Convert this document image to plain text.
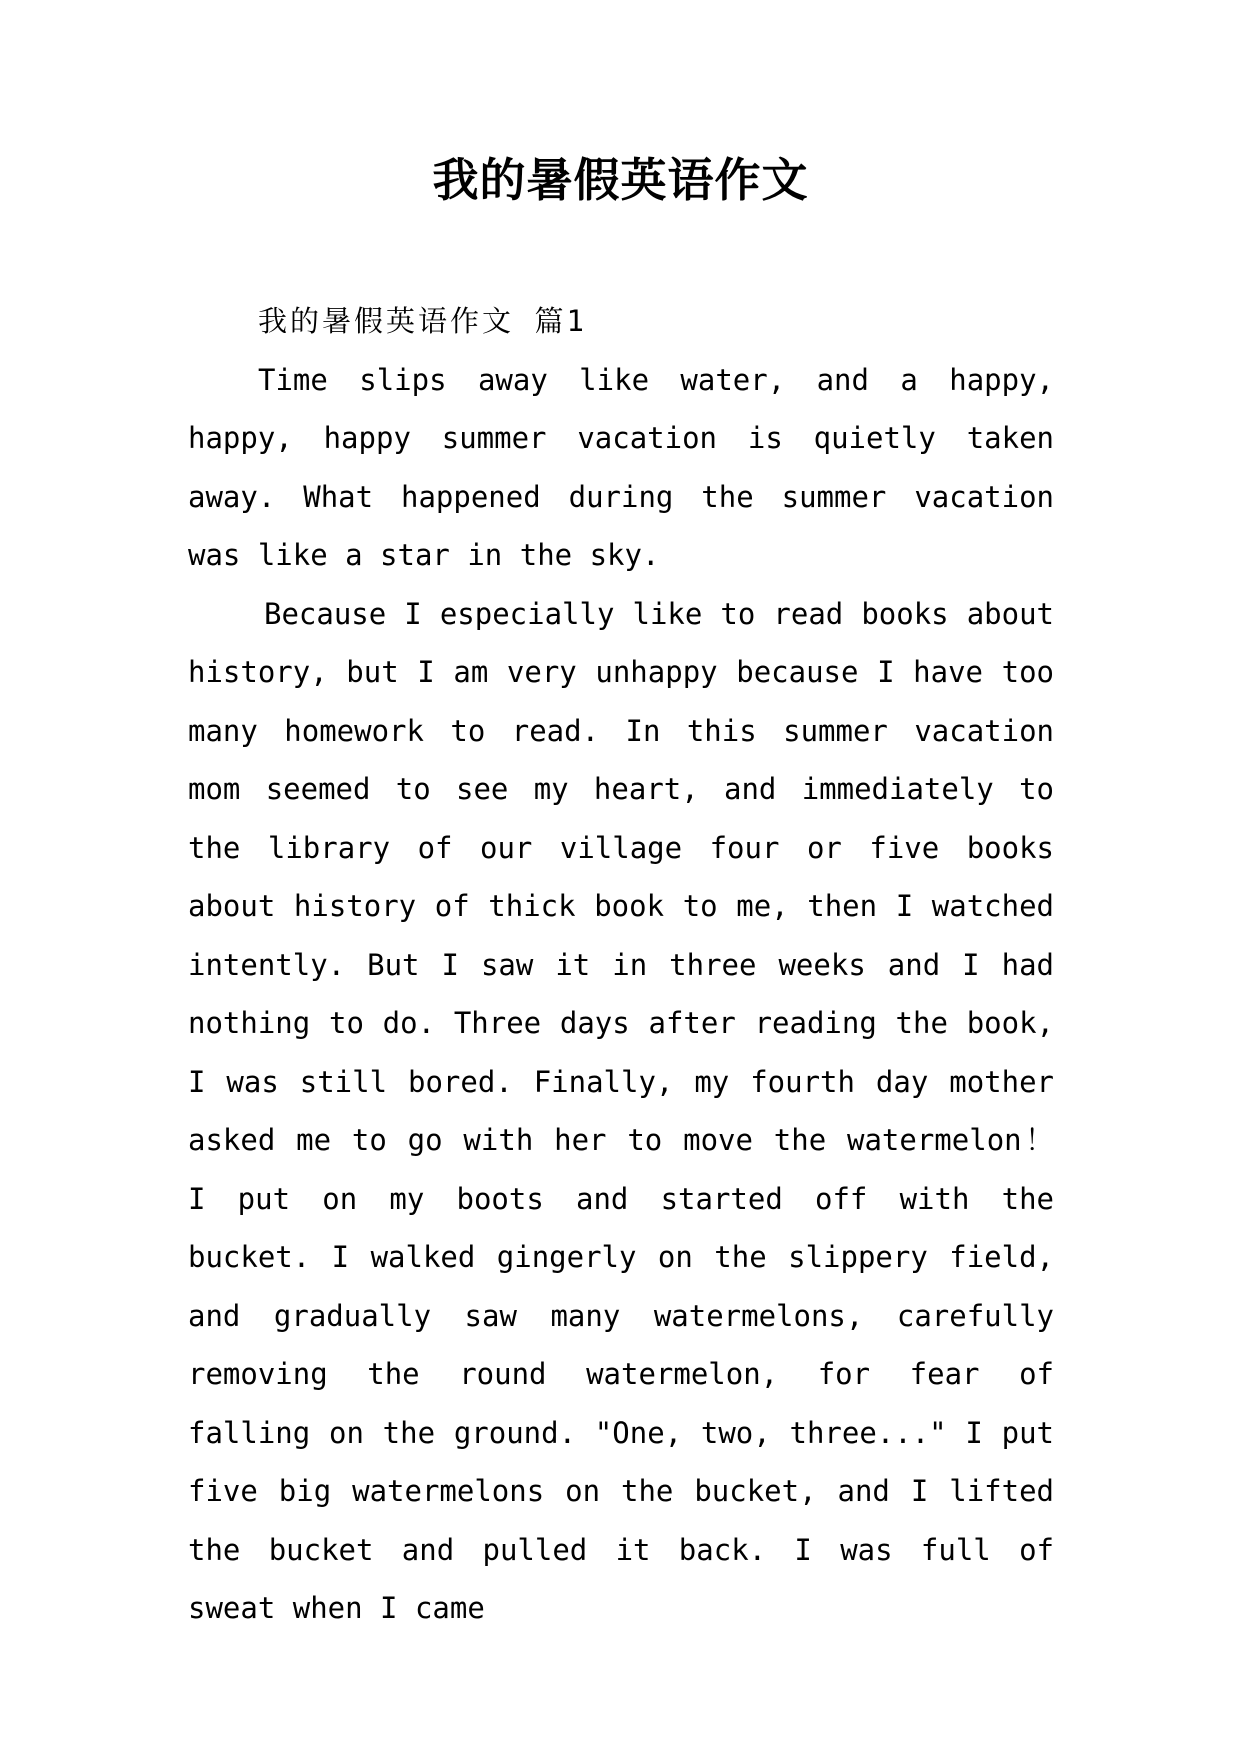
我的暑假英语作文
我的暑假英语作文 篇1

Time slips away like water, and a happy, happy, happy summer vacation is quietly taken away. What happened during the summer vacation was like a star in the sky.

Because I especially like to read books about history, but I am very unhappy because I have too many homework to read. In this summer vacation mom seemed to see my heart, and immediately to the library of our village four or five books about history of thick book to me, then I watched intently. But I saw it in three weeks and I had nothing to do. Three days after reading the book, I was still bored. Finally, my fourth day mother asked me to go with her to move the watermelon！ I put on my boots and started off with the bucket. I walked gingerly on the slippery field, and gradually saw many watermelons, carefully removing the round watermelon, for fear of falling on the ground. "One, two, three..." I put five big watermelons on the bucket, and I lifted the bucket and pulled it back. I was full of sweat when I came
